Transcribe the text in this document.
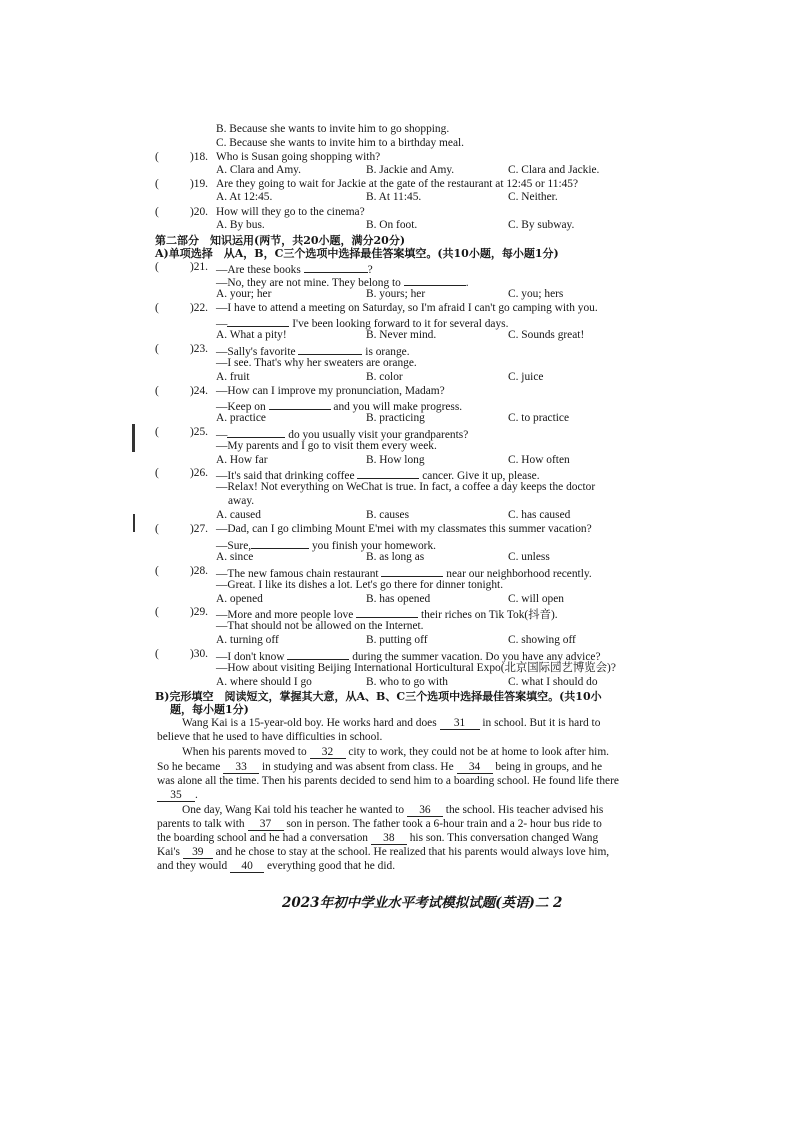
B. Because she wants to invite him to go shopping.
C. Because she wants to invite him to a birthday meal.
(	)18. Who is Susan going shopping with?
A. Clara and Amy.	B. Jackie and Amy.	C. Clara and Jackie.
(	)19. Are they going to wait for Jackie at the gate of the restaurant at 12:45 or 11:45?
A. At 12:45.	B. At 11:45.	C. Neither.
(	)20. How will they go to the cinema?
A. By bus.	B. On foot.	C. By subway.
第二部分　知识运用(两节，共20小题，满分20分)
A)单项选择　从A，B，C三个选项中选择最佳答案填空。(共10小题，每小题1分)
(	)21. —Are these books	?
—No, they are not mine. They belong to	.
A. your; her	B. yours; her	C. you; hers
(	)22. —I have to attend a meeting on Saturday, so I'm afraid I can't go camping with you.
—	I've been looking forward to it for several days.
A. What a pity!	B. Never mind.	C. Sounds great!
(	)23. —Sally's favorite	is orange.
—I see. That's why her sweaters are orange.
A. fruit	B. color	C. juice
(	)24. —How can I improve my pronunciation, Madam?
—Keep on	and you will make progress.
A. practice	B. practicing	C. to practice
(	)25. —	do you usually visit your grandparents?
—My parents and I go to visit them every week.
A. How far	B. How long	C. How often
(	)26. —It's said that drinking coffee	cancer. Give it up, please.
—Relax! Not everything on WeChat is true. In fact, a coffee a day keeps the doctor
away.
A. caused	B. causes	C. has caused
(	)27. —Dad, can I go climbing Mount E'mei with my classmates this summer vacation?
—Sure,	you finish your homework.
A. since	B. as long as	C. unless
(	)28. —The new famous chain restaurant	near our neighborhood recently.
—Great. I like its dishes a lot. Let's go there for dinner tonight.
A. opened	B. has opened	C. will open
(	)29. —More and more people love	their riches on Tik Tok(抖音).
—That should not be allowed on the Internet.
A. turning off	B. putting off	C. showing off
(	)30. —I don't know	during the summer vacation. Do you have any advice?
—How about visiting Beijing International Horticultural Expo(北京国际园艺博览会)?
A. where should I go	B. who to go with	C. what I should do
B)完形填空　阅读短文，掌握其大意，从A、B、C三个选项中选择最佳答案填空。(共10小
题，每小题1分)
Wang Kai is a 15-year-old boy. He works hard and does 31 in school. But it is hard to
believe that he used to have difficulties in school.
When his parents moved to 32 city to work, they could not be at home to look after him.
So he became 33 in studying and was absent from class. He 34 being in groups, and he
was alone all the time. Then his parents decided to send him to a boarding school. He found life there
35 .
One day, Wang Kai told his teacher he wanted to 36 the school. His teacher advised his
parents to talk with 37 son in person. The father took a 6-hour train and a 2- hour bus ride to
the boarding school and he had a conversation 38 his son. This conversation changed Wang
Kai's 39 and he chose to stay at the school. He realized that his parents would always love him,
and they would 40 everything good that he did.
2023年初中学业水平考试模拟试题(英语)二 2
